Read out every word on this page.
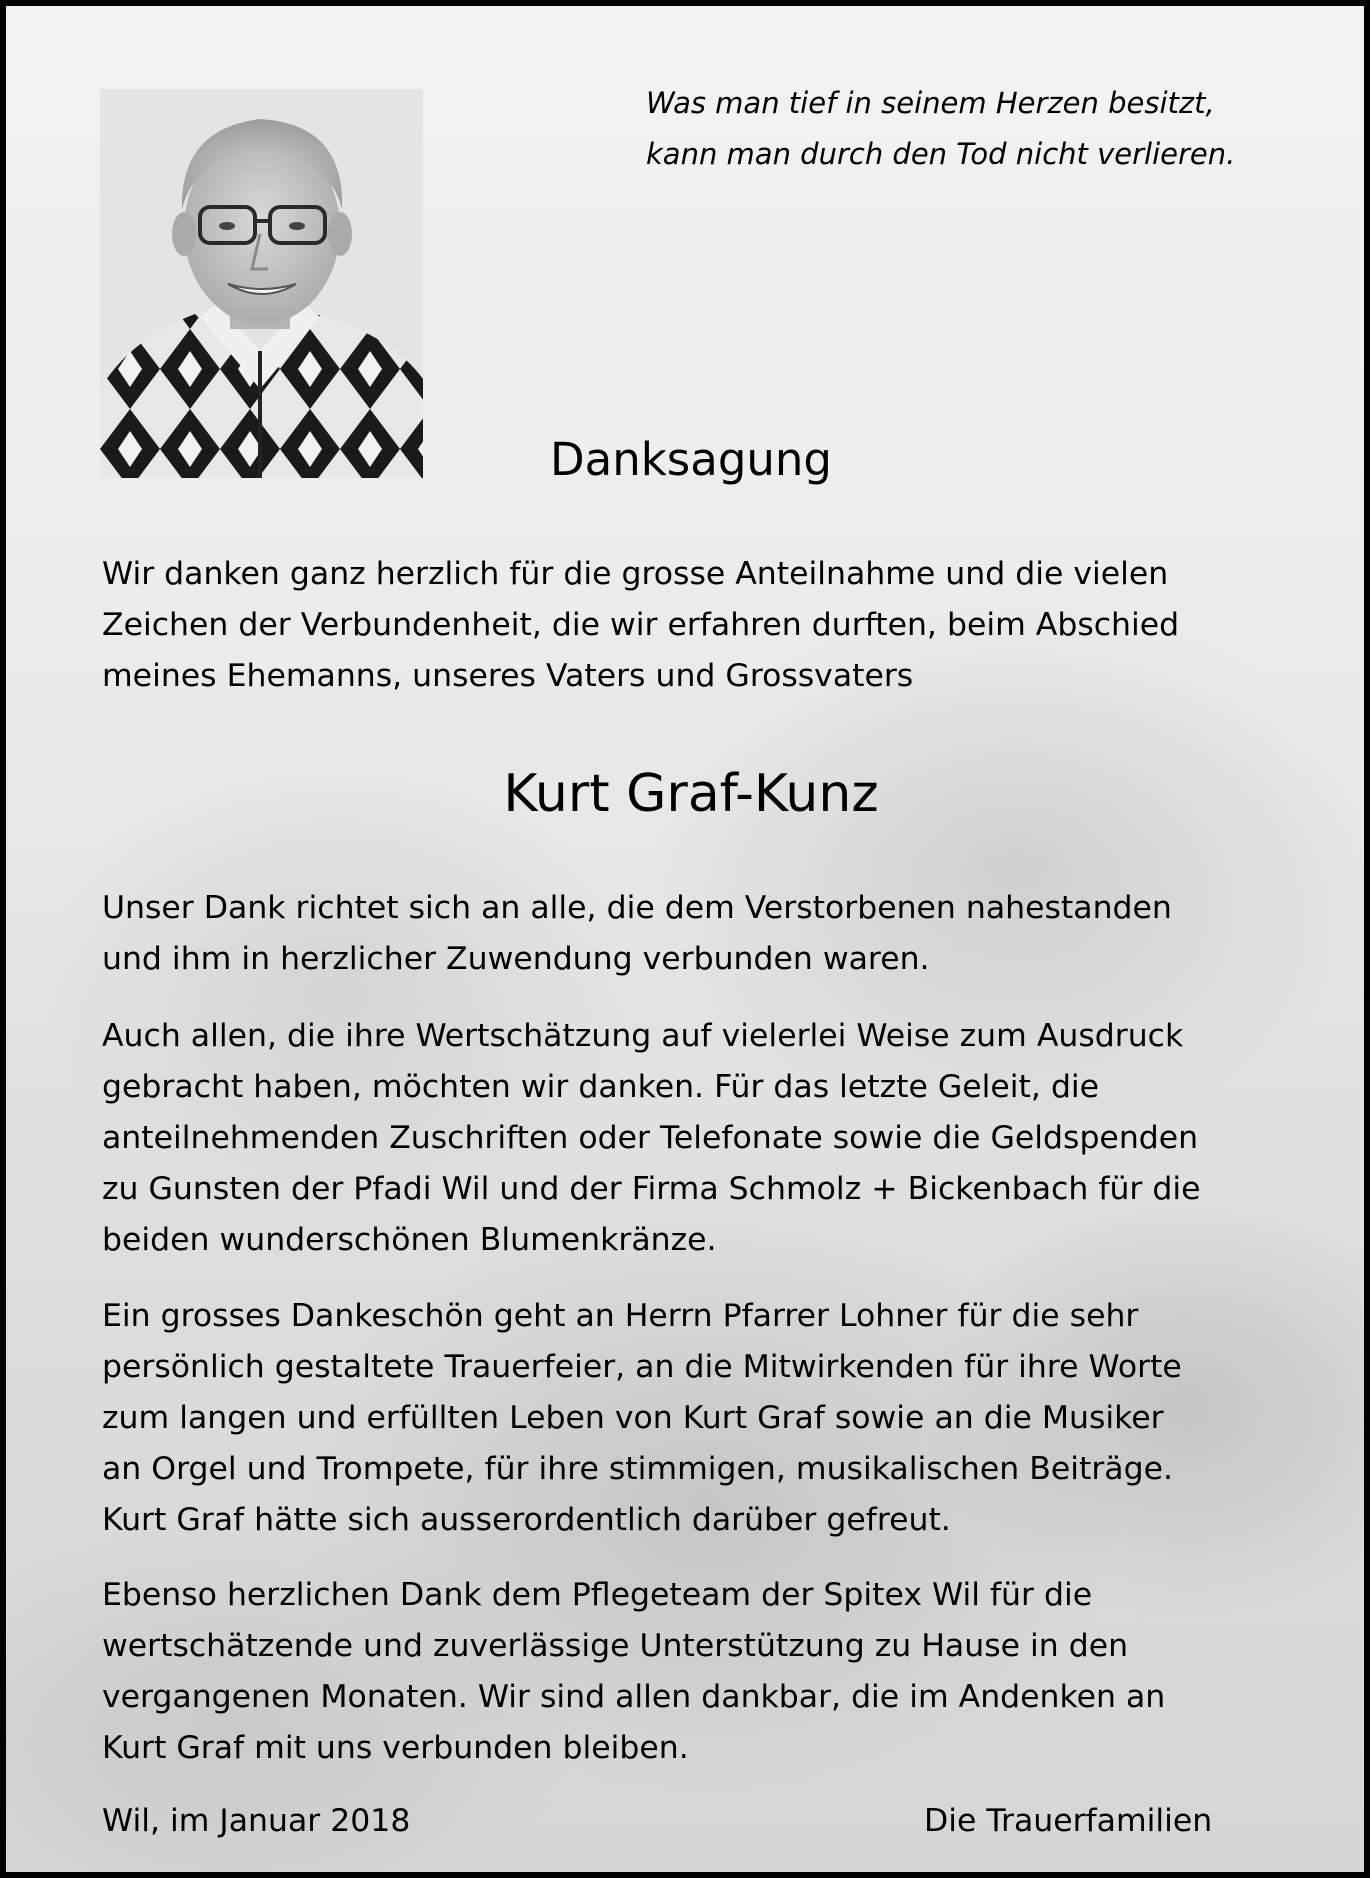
Was man tief in seinem Herzen besitzt,
kann man durch den Tod nicht verlieren.
Danksagung
Wir danken ganz herzlich für die grosse Anteilnahme und die vielen
Zeichen der Verbundenheit, die wir erfahren durften, beim Abschied
meines Ehemanns, unseres Vaters und Grossvaters
Kurt Graf-Kunz
Unser Dank richtet sich an alle, die dem Verstorbenen nahestanden
und ihm in herzlicher Zuwendung verbunden waren.
Auch allen, die ihre Wertschätzung auf vielerlei Weise zum Ausdruck
gebracht haben, möchten wir danken. Für das letzte Geleit, die
anteilnehmenden Zuschriften oder Telefonate sowie die Geldspenden
zu Gunsten der Pfadi Wil und der Firma Schmolz + Bickenbach für die
beiden wunderschönen Blumenkränze.
Ein grosses Dankeschön geht an Herrn Pfarrer Lohner für die sehr
persönlich gestaltete Trauerfeier, an die Mitwirkenden für ihre Worte
zum langen und erfüllten Leben von Kurt Graf sowie an die Musiker
an Orgel und Trompete, für ihre stimmigen, musikalischen Beiträge.
Kurt Graf hätte sich ausserordentlich darüber gefreut.
Ebenso herzlichen Dank dem Pflegeteam der Spitex Wil für die
wertschätzende und zuverlässige Unterstützung zu Hause in den
vergangenen Monaten. Wir sind allen dankbar, die im Andenken an
Kurt Graf mit uns verbunden bleiben.
Wil, im Januar 2018	Die Trauerfamilien
